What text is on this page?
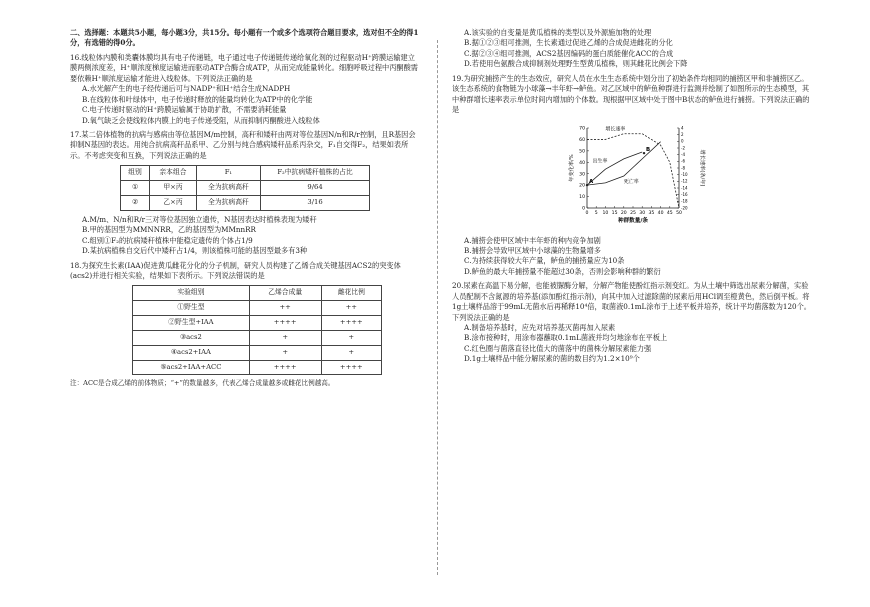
二、选择题：本题共5小题，每小题3分，共15分。每小题有一个或多个选项符合题目要求，选对但不全的得1分，有选错的得0分。

16.线粒体内膜和类囊体膜均具有电子传递链，电子通过电子传递链传递给氧化剂的过程驱动H⁺跨膜运输建立膜两侧浓度差，H⁺顺浓度梯度运输进而驱动ATP合酶合成ATP，从而完成能量转化。细胞呼吸过程中丙酮酸需要依赖H⁺顺浓度运输才能进入线粒体。下列说法正确的是

A.水光解产生的电子经传递后可与NADP⁺和H⁺结合生成NADPH

B.在线粒体和叶绿体中，电子传递时释放的能量均转化为ATP中的化学能

C.电子传递时驱动的H⁺跨膜运输属于协助扩散，不需要消耗能量

D.氧气缺乏会使线粒体内膜上的电子传递受阻，从而抑制丙酮酸进入线粒体

17.某二倍体植物的抗病与感病由等位基因M/m控制，高秆和矮秆由两对等位基因N/n和R/r控制，且R基因会抑制N基因的表达。用纯合抗病高秆品系甲、乙分别与纯合感病矮秆品系丙杂交，F₁自交得F₂，结果如表所示。不考虑突变和互换，下列说法正确的是

组别	亲本组合	F₁	F₂中抗病矮秆植株的占比
①	甲×丙	全为抗病高秆	9/64
②	乙×丙	全为抗病高秆	3/16

A.M/m、N/n和R/r三对等位基因独立遗传，N基因表达时植株表现为矮秆

B.甲的基因型为MMNNRR，乙的基因型为MMnnRR

C.组别①F₂的抗病矮秆植株中能稳定遗传的个体占1/9

D.某抗病植株自交后代中矮秆占1/4，则该植株可能的基因型最多有3种

18.为探究生长素(IAA)促进黄瓜雌花分化的分子机制，研究人员构建了乙烯合成关键基因ACS2的突变体(acs2)并进行相关实验，结果如下表所示。下列说法错误的是

实验组别	乙烯合成量	雌花比例
①野生型	++	++
②野生型+IAA	++++	++++
③acs2	+	+
④acs2+IAA	+	+
⑤acs2+IAA+ACC	++++	++++

注：ACC是合成乙烯的前体物质；“+”的数量越多，代表乙烯合成量越多或雌花比例越高。

A.该实验的自变量是黄瓜植株的类型以及外源施加物的处理

B.据①②③组可推测，生长素通过促进乙烯的合成促进雌花的分化

C.据②③④组可推测，ACS2基因编码的蛋白质能催化ACC的合成

D.若使用色氨酸合成抑制剂处理野生型黄瓜植株，则其雌花比例会下降

19.为研究捕捞产生的生态效应，研究人员在水生生态系统中划分出了初始条件均相同的捕捞区甲和非捕捞区乙。该生态系统的食物链为小球藻→丰年虾→鲈鱼。对乙区域中的鲈鱼种群进行监测并绘制了如图所示的生态模型，其中种群增长速率表示单位时间内增加的个体数。现根据甲区域中处于图中B状态的鲈鱼进行捕捞。下列说法正确的是

0 5 10 15 20 25 30 35 40 45 50
0
10
20
30
40
50
60
70
-20
-18
-16
-14
-12
-10
-8
-6
-4
-2
0
2
4
种群数量/条
年变化率/%	增长速率(条/年)
出生率
死亡率
增长速率
A
B

A.捕捞会使甲区域中丰年虾的种内竞争加剧

B.捕捞会导致甲区域中小球藻的生物量增多

C.为持续获得较大年产量，鲈鱼的捕捞量应为10条

D.鲈鱼的最大年捕捞量不能超过30条，否则会影响种群的繁衍

20.尿素在高温下易分解，也能被脲酶分解，分解产物能使酚红指示剂变红。为从土壤中筛选出尿素分解菌，实验人员配制不含氮源的培养基(添加酚红指示剂)，向其中加入过滤除菌的尿素后用HCl调至橙黄色，然后倒平板。将1g土壤样品溶于99mL无菌水后再稀释10⁴倍，取菌液0.1mL涂布于上述平板并培养，统计平均菌落数为120个。下列说法正确的是

A.制备培养基时，应先对培养基灭菌再加入尿素

B.涂布接种时，用涂布器蘸取0.1mL菌液并均匀地涂布在平板上

C.红色圈与菌落直径比值大的菌落中的菌株分解尿素能力强

D.1g土壤样品中能分解尿素的菌的数目约为1.2×10⁹个
